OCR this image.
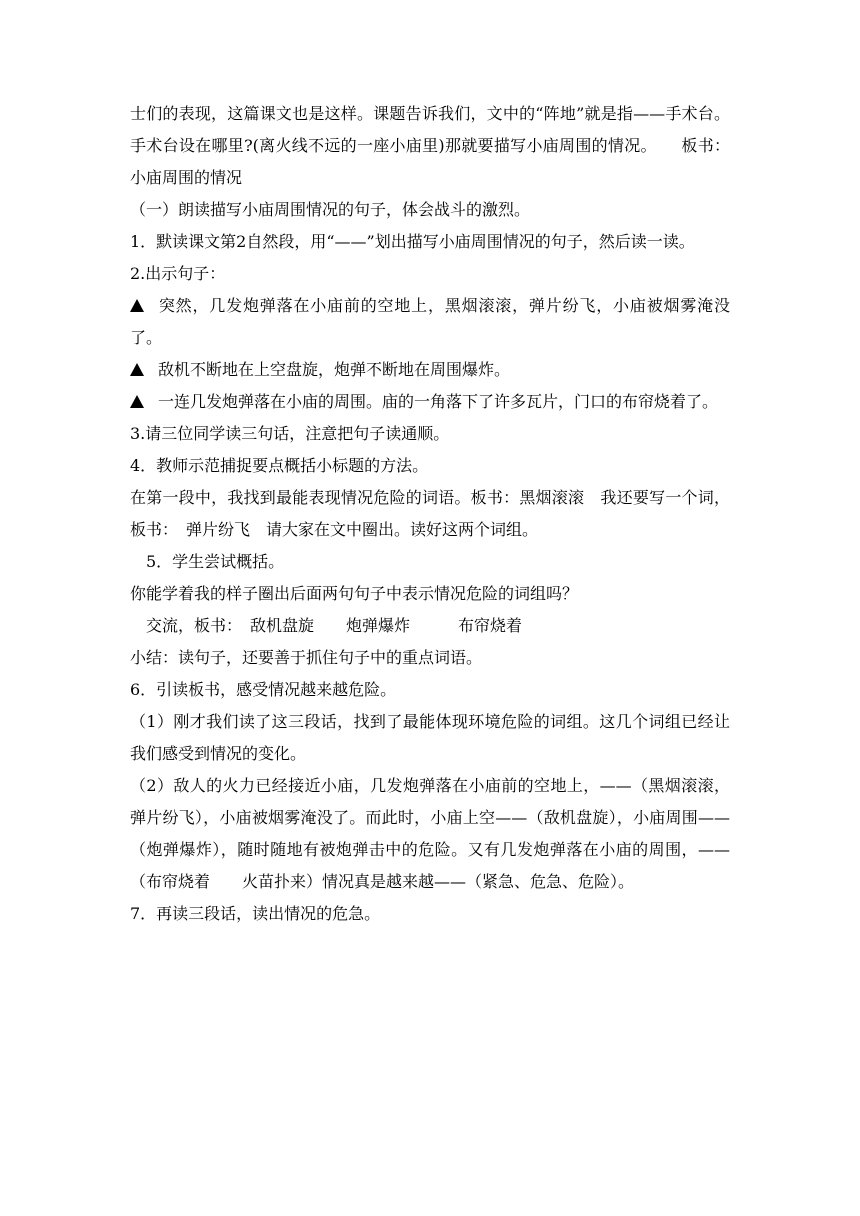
士们的表现，这篇课文也是这样。课题告诉我们，文中的“阵地”就是指——手术台。手术台设在哪里?(离火线不远的一座小庙里)那就要描写小庙周围的情况。　　板书：小庙周围的情况

（一）朗读描写小庙周围情况的句子，体会战斗的激烈。

1．默读课文第2自然段，用“——”划出描写小庙周围情况的句子，然后读一读。

2.出示句子：

突然，几发炮弹落在小庙前的空地上，黑烟滚滚，弹片纷飞，小庙被烟雾淹没了。

敌机不断地在上空盘旋，炮弹不断地在周围爆炸。

一连几发炮弹落在小庙的周围。庙的一角落下了许多瓦片，门口的布帘烧着了。

3.请三位同学读三句话，注意把句子读通顺。

4．教师示范捕捉要点概括小标题的方法。

在第一段中，我找到最能表现情况危险的词语。板书：黑烟滚滚　我还要写一个词，板书：　弹片纷飞　请大家在文中圈出。读好这两个词组。

　5．学生尝试概括。

你能学着我的样子圈出后面两句句子中表示情况危险的词组吗？

　交流，板书：　敌机盘旋　　炮弹爆炸　　　布帘烧着

小结：读句子，还要善于抓住句子中的重点词语。

6．引读板书，感受情况越来越危险。

（1）刚才我们读了这三段话，找到了最能体现环境危险的词组。这几个词组已经让我们感受到情况的变化。

（2）敌人的火力已经接近小庙，几发炮弹落在小庙前的空地上，——（黑烟滚滚，弹片纷飞），小庙被烟雾淹没了。而此时，小庙上空——（敌机盘旋），小庙周围——（炮弹爆炸），随时随地有被炮弹击中的危险。又有几发炮弹落在小庙的周围，——（布帘烧着　　火苗扑来）情况真是越来越——（紧急、危急、危险）。

7．再读三段话，读出情况的危急。
